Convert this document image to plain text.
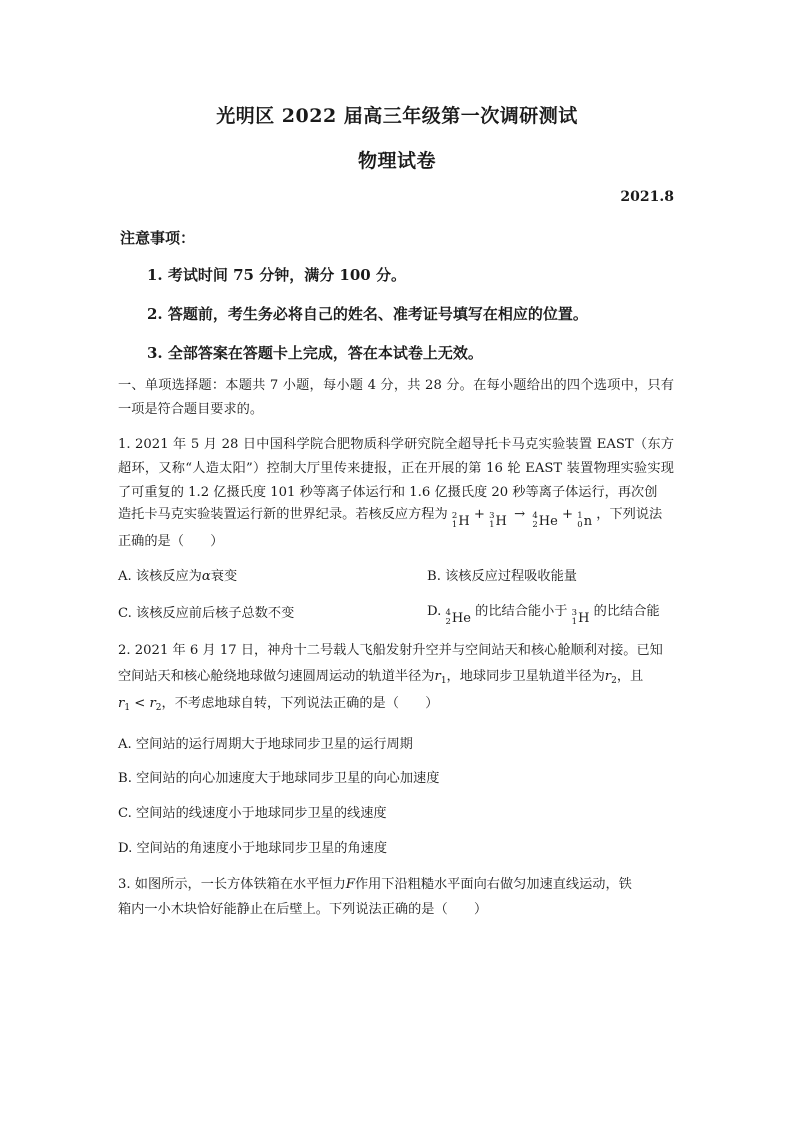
光明区 2022 届高三年级第一次调研测试
物理试卷
2021.8
注意事项：
1. 考试时间 75 分钟，满分 100 分。
2. 答题前，考生务必将自己的姓名、准考证号填写在相应的位置。
3. 全部答案在答题卡上完成，答在本试卷上无效。
一、单项选择题：本题共 7 小题，每小题 4 分，共 28 分。在每小题给出的四个选项中，只有一项是符合题目要求的。
1. 2021 年 5 月 28 日中国科学院合肥物质科学研究院全超导托卡马克实验装置 EAST（东方超环，又称“人造太阳”）控制大厅里传来捷报，正在开展的第 16 轮 EAST 装置物理实验实现了可重复的 1.2 亿摄氏度 101 秒等离子体运行和 1.6 亿摄氏度 20 秒等离子体运行，再次创
造托卡马克实验装置运行新的世界纪录。若核反应方程为 2
1 H + 3
1 H → 4
2 He + 1
0 n ，下列说法
正确的是（　　）
A. 该核反应为α衰变	B. 该核反应过程吸收能量
C. 该核反应前后核子总数不变	D. 4
2 He 的比结合能小于 3
1 H 的比结合能
2. 2021 年 6 月 17 日，神舟十二号载人飞船发射升空并与空间站天和核心舱顺利对接。已知
空间站天和核心舱绕地球做匀速圆周运动的轨道半径为$r_1$，地球同步卫星轨道半径为$r_2$，且
$r_1 < r_2$，不考虑地球自转，下列说法正确的是（　　）
A. 空间站的运行周期大于地球同步卫星的运行周期
B. 空间站的向心加速度大于地球同步卫星的向心加速度
C. 空间站的线速度小于地球同步卫星的线速度
D. 空间站的角速度小于地球同步卫星的角速度
3. 如图所示，一长方体铁箱在水平恒力F作用下沿粗糙水平面向右做匀加速直线运动，铁
箱内一小木块恰好能静止在后壁上。下列说法正确的是（　　）
